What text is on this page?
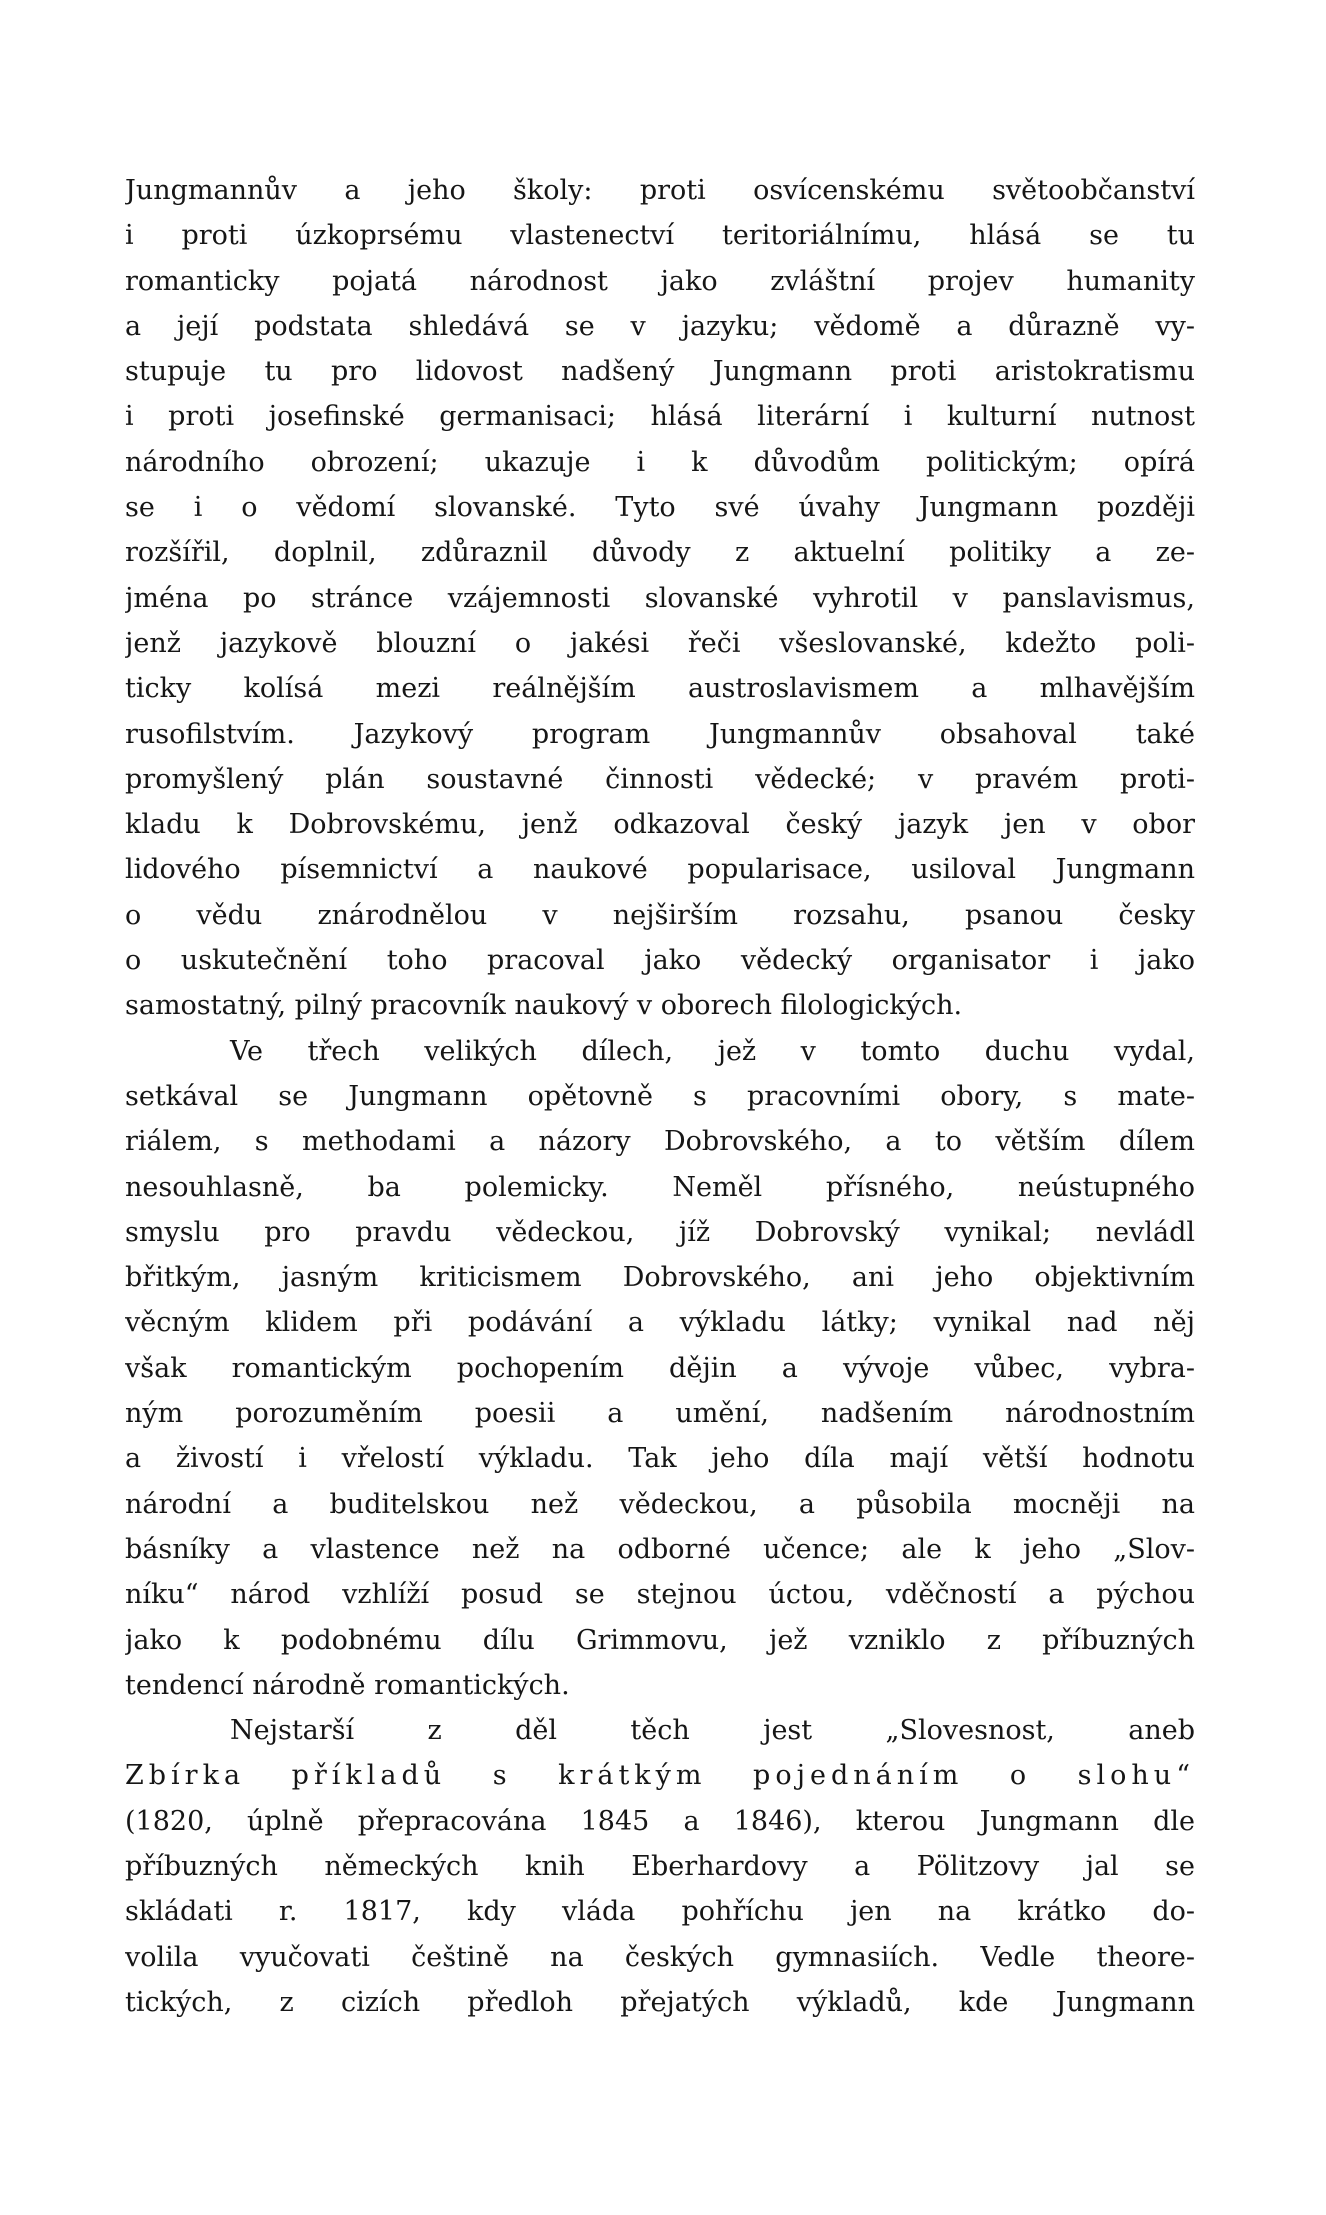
Jungmannův a jeho školy: proti osvícenskému světoobčanství
i proti úzkoprsému vlastenectví teritoriálnímu, hlásá se tu
romanticky pojatá národnost jako zvláštní projev humanity
a její podstata shledává se v jazyku; vědomě a důrazně vy-
stupuje tu pro lidovost nadšený Jungmann proti aristokratismu
i proti josefinské germanisaci; hlásá literární i kulturní nutnost
národního obrození; ukazuje i k důvodům politickým; opírá
se i o vědomí slovanské. Tyto své úvahy Jungmann později
rozšířil, doplnil, zdůraznil důvody z aktuelní politiky a ze-
jména po stránce vzájemnosti slovanské vyhrotil v panslavismus,
jenž jazykově blouzní o jakési řeči všeslovanské, kdežto poli-
ticky kolísá mezi reálnějším austroslavismem a mlhavějším
rusofilstvím. Jazykový program Jungmannův obsahoval také
promyšlený plán soustavné činnosti vědecké; v pravém proti-
kladu k Dobrovskému, jenž odkazoval český jazyk jen v obor
lidového písemnictví a naukové popularisace, usiloval Jungmann
o vědu znárodnělou v nejširším rozsahu, psanou česky
o uskutečnění toho pracoval jako vědecký organisator i jako
samostatný, pilný pracovník naukový v oborech filologických.
Ve třech velikých dílech, jež v tomto duchu vydal,
setkával se Jungmann opětovně s pracovními obory, s mate-
riálem, s methodami a názory Dobrovského, a to větším dílem
nesouhlasně, ba polemicky. Neměl přísného, neústupného
smyslu pro pravdu vědeckou, jíž Dobrovský vynikal; nevládl
břitkým, jasným kriticismem Dobrovského, ani jeho objektivním
věcným klidem při podávání a výkladu látky; vynikal nad něj
však romantickým pochopením dějin a vývoje vůbec, vybra-
ným porozuměním poesii a umění, nadšením národnostním
a živostí i vřelostí výkladu. Tak jeho díla mají větší hodnotu
národní a buditelskou než vědeckou, a působila mocněji na
básníky a vlastence než na odborné učence; ale k jeho „Slov-
níku“ národ vzhlíží posud se stejnou úctou, vděčností a pýchou
jako k podobnému dílu Grimmovu, jež vzniklo z příbuzných
tendencí národně romantických.
Nejstarší z děl těch jest „Slovesnost, aneb
Zbírka příkladů s krátkým pojednáním o slohu“
(1820, úplně přepracována 1845 a 1846), kterou Jungmann dle
příbuzných německých knih Eberhardovy a Pölitzovy jal se
skládati r. 1817, kdy vláda pohříchu jen na krátko do-
volila vyučovati češtině na českých gymnasiích. Vedle theore-
tických, z cizích předloh přejatých výkladů, kde Jungmann
